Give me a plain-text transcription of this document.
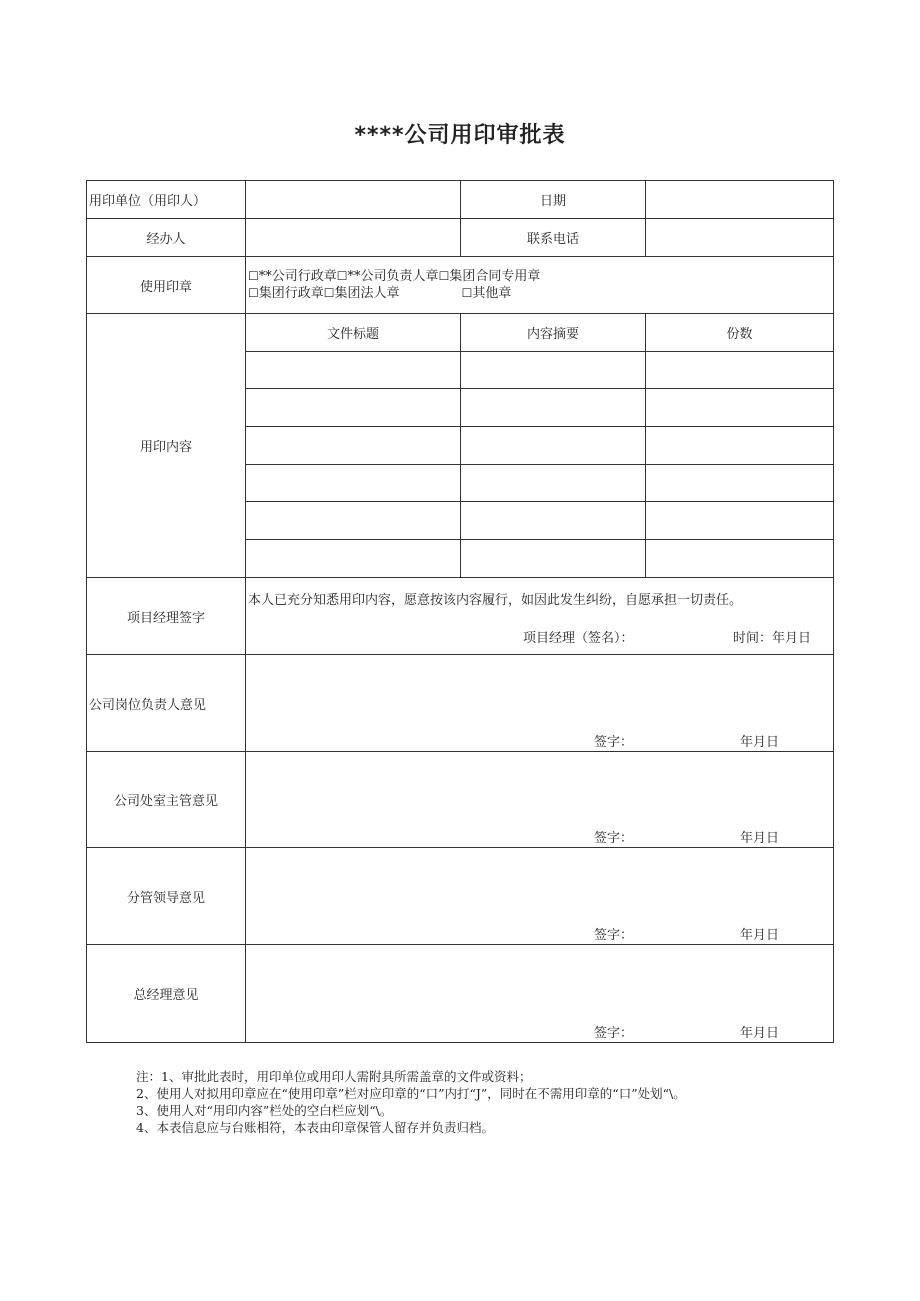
****公司用印审批表
用印单位（用印人）		日期	
经办人		联系电话	
使用印章	☐**公司行政章☐**公司负责人章☐集团合同专用章
☐集团行政章☐集团法人章 ☐其他章		

用印内容	文件标题	内容摘要	份数

项目经理签字	本人已充分知悉用印内容，愿意按该内容履行，如因此发生纠纷，自愿承担一切责任。
项目经理（签名）： 时间：年月日		

公司岗位负责人意见	签字： 年月日		

公司处室主管意见	签字： 年月日		

分管领导意见	签字： 年月日		

总经理意见	签字： 年月日		
注：1、审批此表时，用印单位或用印人需附具所需盖章的文件或资料；
2、使用人对拟用印章应在“使用印章”栏对应印章的“口”内打“J”，同时在不需用印章的“口”处划“\。
3、使用人对“用印内容”栏处的空白栏应划“\。
4、本表信息应与台账相符，本表由印章保管人留存并负责归档。
